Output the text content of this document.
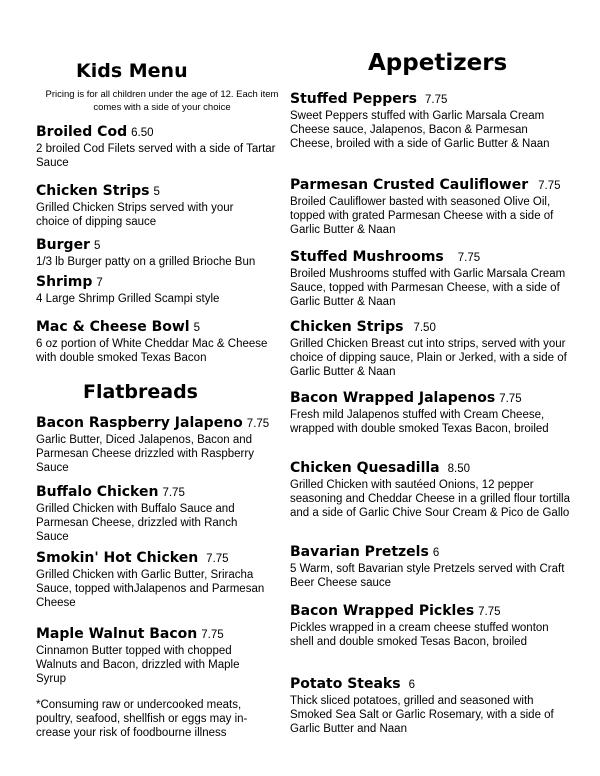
Kids Menu
Pricing is for all children under the age of 12. Each item comes with a side of your choice
Broiled Cod 6.50
2 broiled Cod Filets served with a side of Tartar Sauce
Chicken Strips 5
Grilled Chicken Strips served with your choice of dipping sauce
Burger 5
1/3 lb Burger patty on a grilled Brioche Bun
Shrimp 7
4 Large Shrimp Grilled Scampi style
Mac & Cheese Bowl 5
6 oz portion of White Cheddar Mac & Cheese with double smoked Texas Bacon
Flatbreads
Bacon Raspberry Jalapeno 7.75
Garlic Butter, Diced Jalapenos, Bacon and Parmesan Cheese drizzled with Raspberry Sauce
Buffalo Chicken 7.75
Grilled Chicken with Buffalo Sauce and Parmesan Cheese, drizzled with Ranch Sauce
Smokin' Hot Chicken 7.75
Grilled Chicken with Garlic Butter, Sriracha Sauce, topped withJalapenos and Parmesan Cheese
Maple Walnut Bacon 7.75
Cinnamon Butter topped with chopped Walnuts and Bacon, drizzled with Maple Syrup
*Consuming raw or undercooked meats, poultry, seafood, shellfish or eggs may in-crease your risk of foodbourne illness
Appetizers
Stuffed Peppers 7.75
Sweet Peppers stuffed with Garlic Marsala Cream Cheese sauce, Jalapenos, Bacon & Parmesan Cheese, broiled with a side of Garlic Butter & Naan
Parmesan Crusted Cauliflower 7.75
Broiled Cauliflower basted with seasoned Olive Oil, topped with grated Parmesan Cheese with a side of Garlic Butter & Naan
Stuffed Mushrooms 7.75
Broiled Mushrooms stuffed with Garlic Marsala Cream Sauce, topped with Parmesan Cheese, with a side of Garlic Butter & Naan
Chicken Strips 7.50
Grilled Chicken Breast cut into strips, served with your choice of dipping sauce, Plain or Jerked, with a side of Garlic Butter & Naan
Bacon Wrapped Jalapenos 7.75
Fresh mild Jalapenos stuffed with Cream Cheese, wrapped with double smoked Texas Bacon, broiled
Chicken Quesadilla 8.50
Grilled Chicken with sautéed Onions, 12 pepper seasoning and Cheddar Cheese in a grilled flour tortilla and a side of Garlic Chive Sour Cream & Pico de Gallo
Bavarian Pretzels 6
5 Warm, soft Bavarian style Pretzels served with Craft Beer Cheese sauce
Bacon Wrapped Pickles 7.75
Pickles wrapped in a cream cheese stuffed wonton shell and double smoked Tesas Bacon, broiled
Potato Steaks 6
Thick sliced potatoes, grilled and seasoned with Smoked Sea Salt or Garlic Rosemary, with a side of Garlic Butter and Naan
